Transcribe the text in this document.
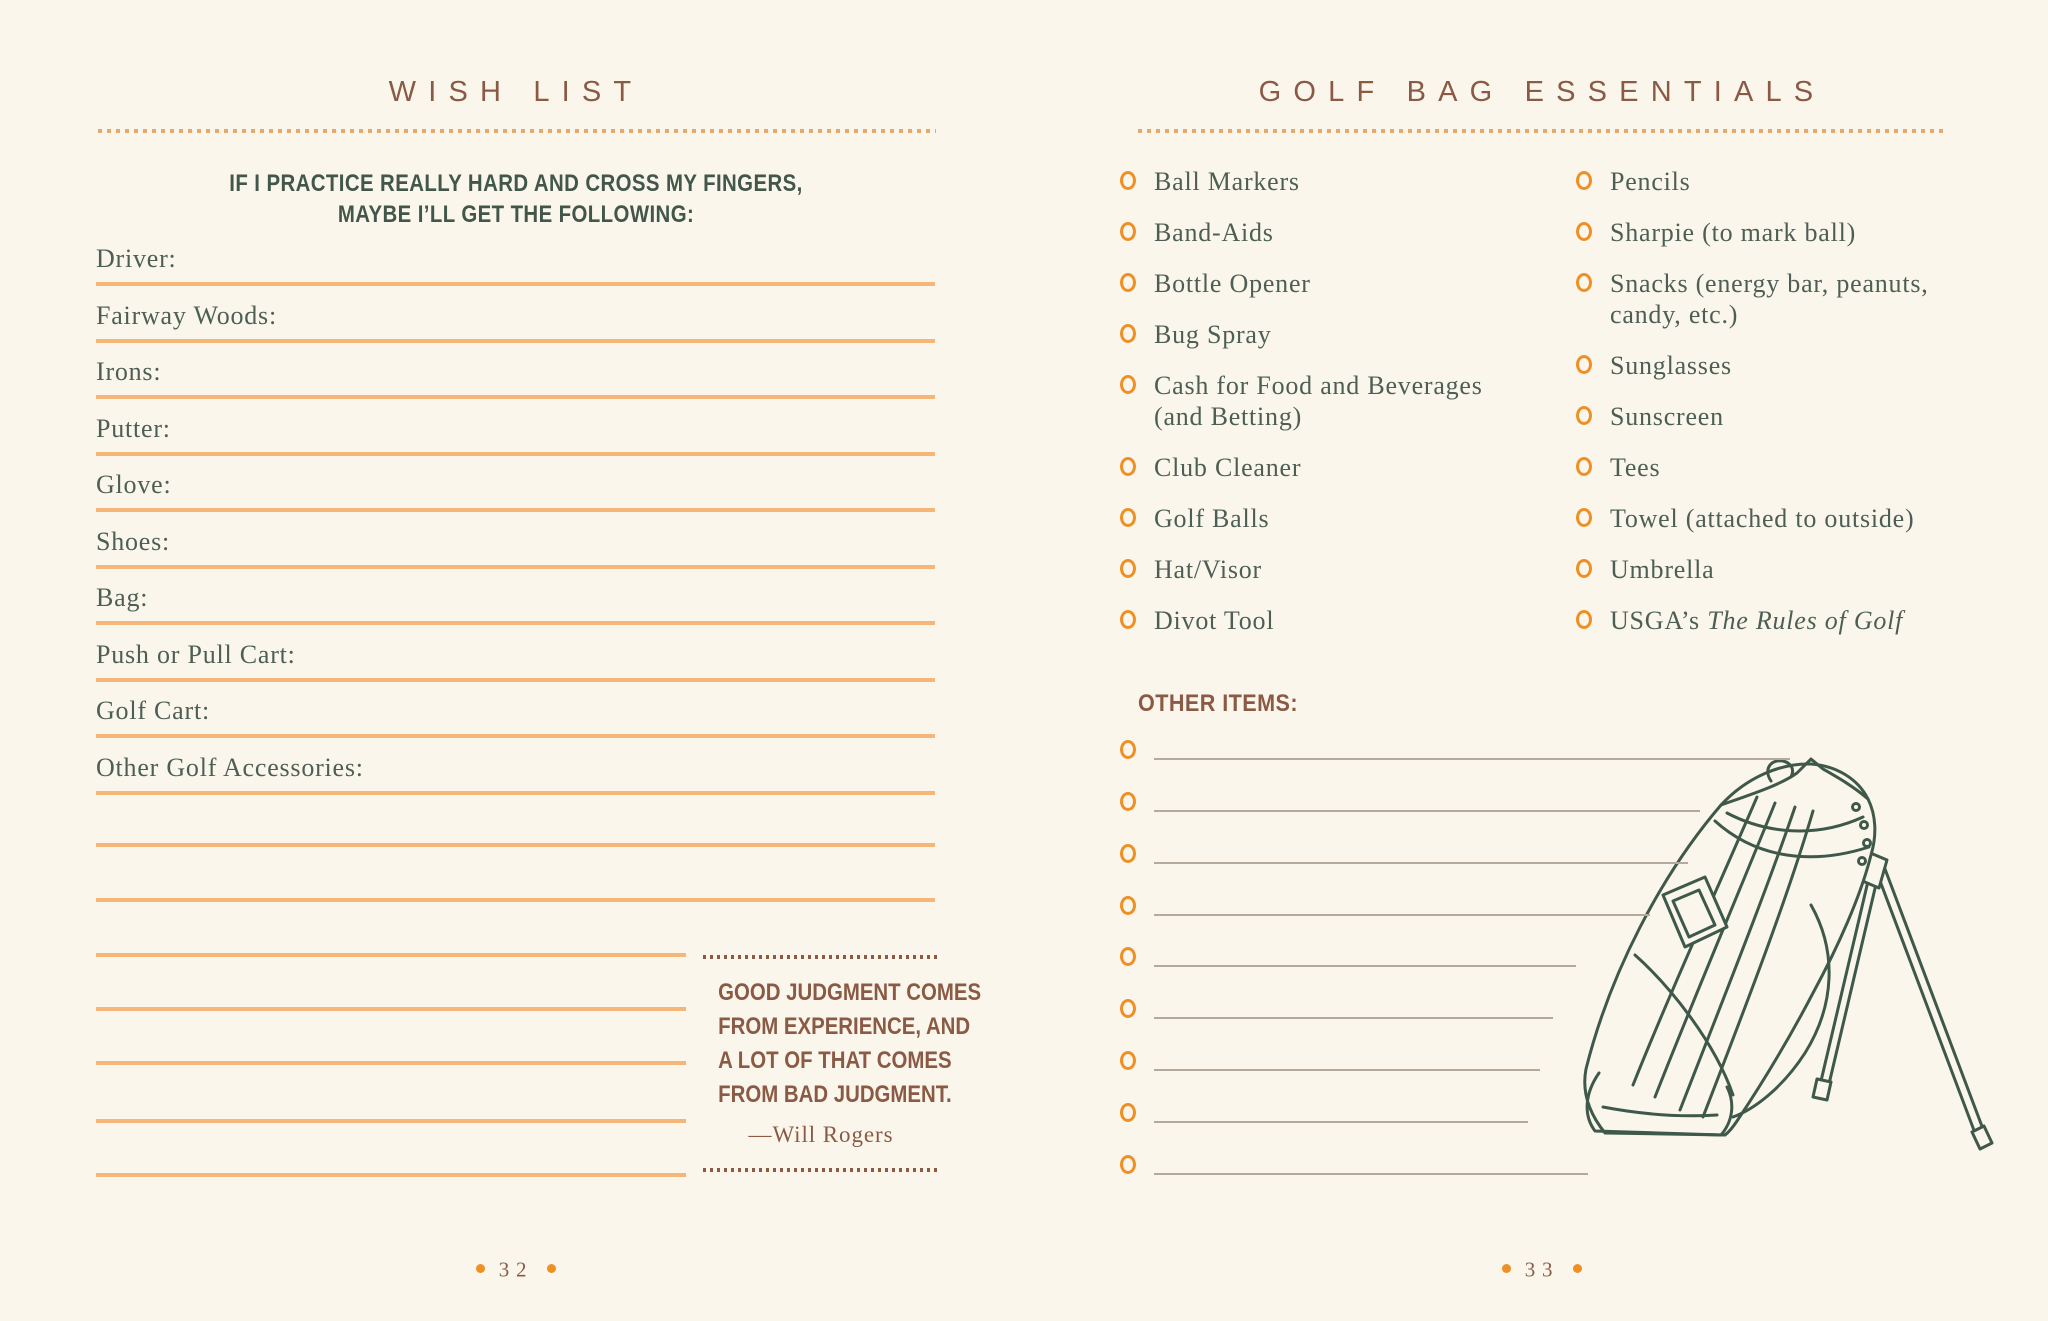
WISH LIST
IF I PRACTICE REALLY HARD AND CROSS MY FINGERS,
MAYBE I’LL GET THE FOLLOWING:
GOOD JUDGMENT COMES
FROM EXPERIENCE, AND
A LOT OF THAT COMES
FROM BAD JUDGMENT.
—Will Rogers
32
GOLF BAG ESSENTIALS
OTHER ITEMS:
33
Driver:
Fairway Woods:
Irons:
Putter:
Glove:
Shoes:
Bag:
Push or Pull Cart:
Golf Cart:
Other Golf Accessories:
Ball Markers
Band-Aids
Bottle Opener
Bug Spray
Cash for Food and Beverages
(and Betting)
Club Cleaner
Golf Balls
Hat/Visor
Divot Tool
Pencils
Sharpie (to mark ball)
Snacks (energy bar, peanuts,
candy, etc.)
Sunglasses
Sunscreen
Tees
Towel (attached to outside)
Umbrella
USGA’s The Rules of Golf
